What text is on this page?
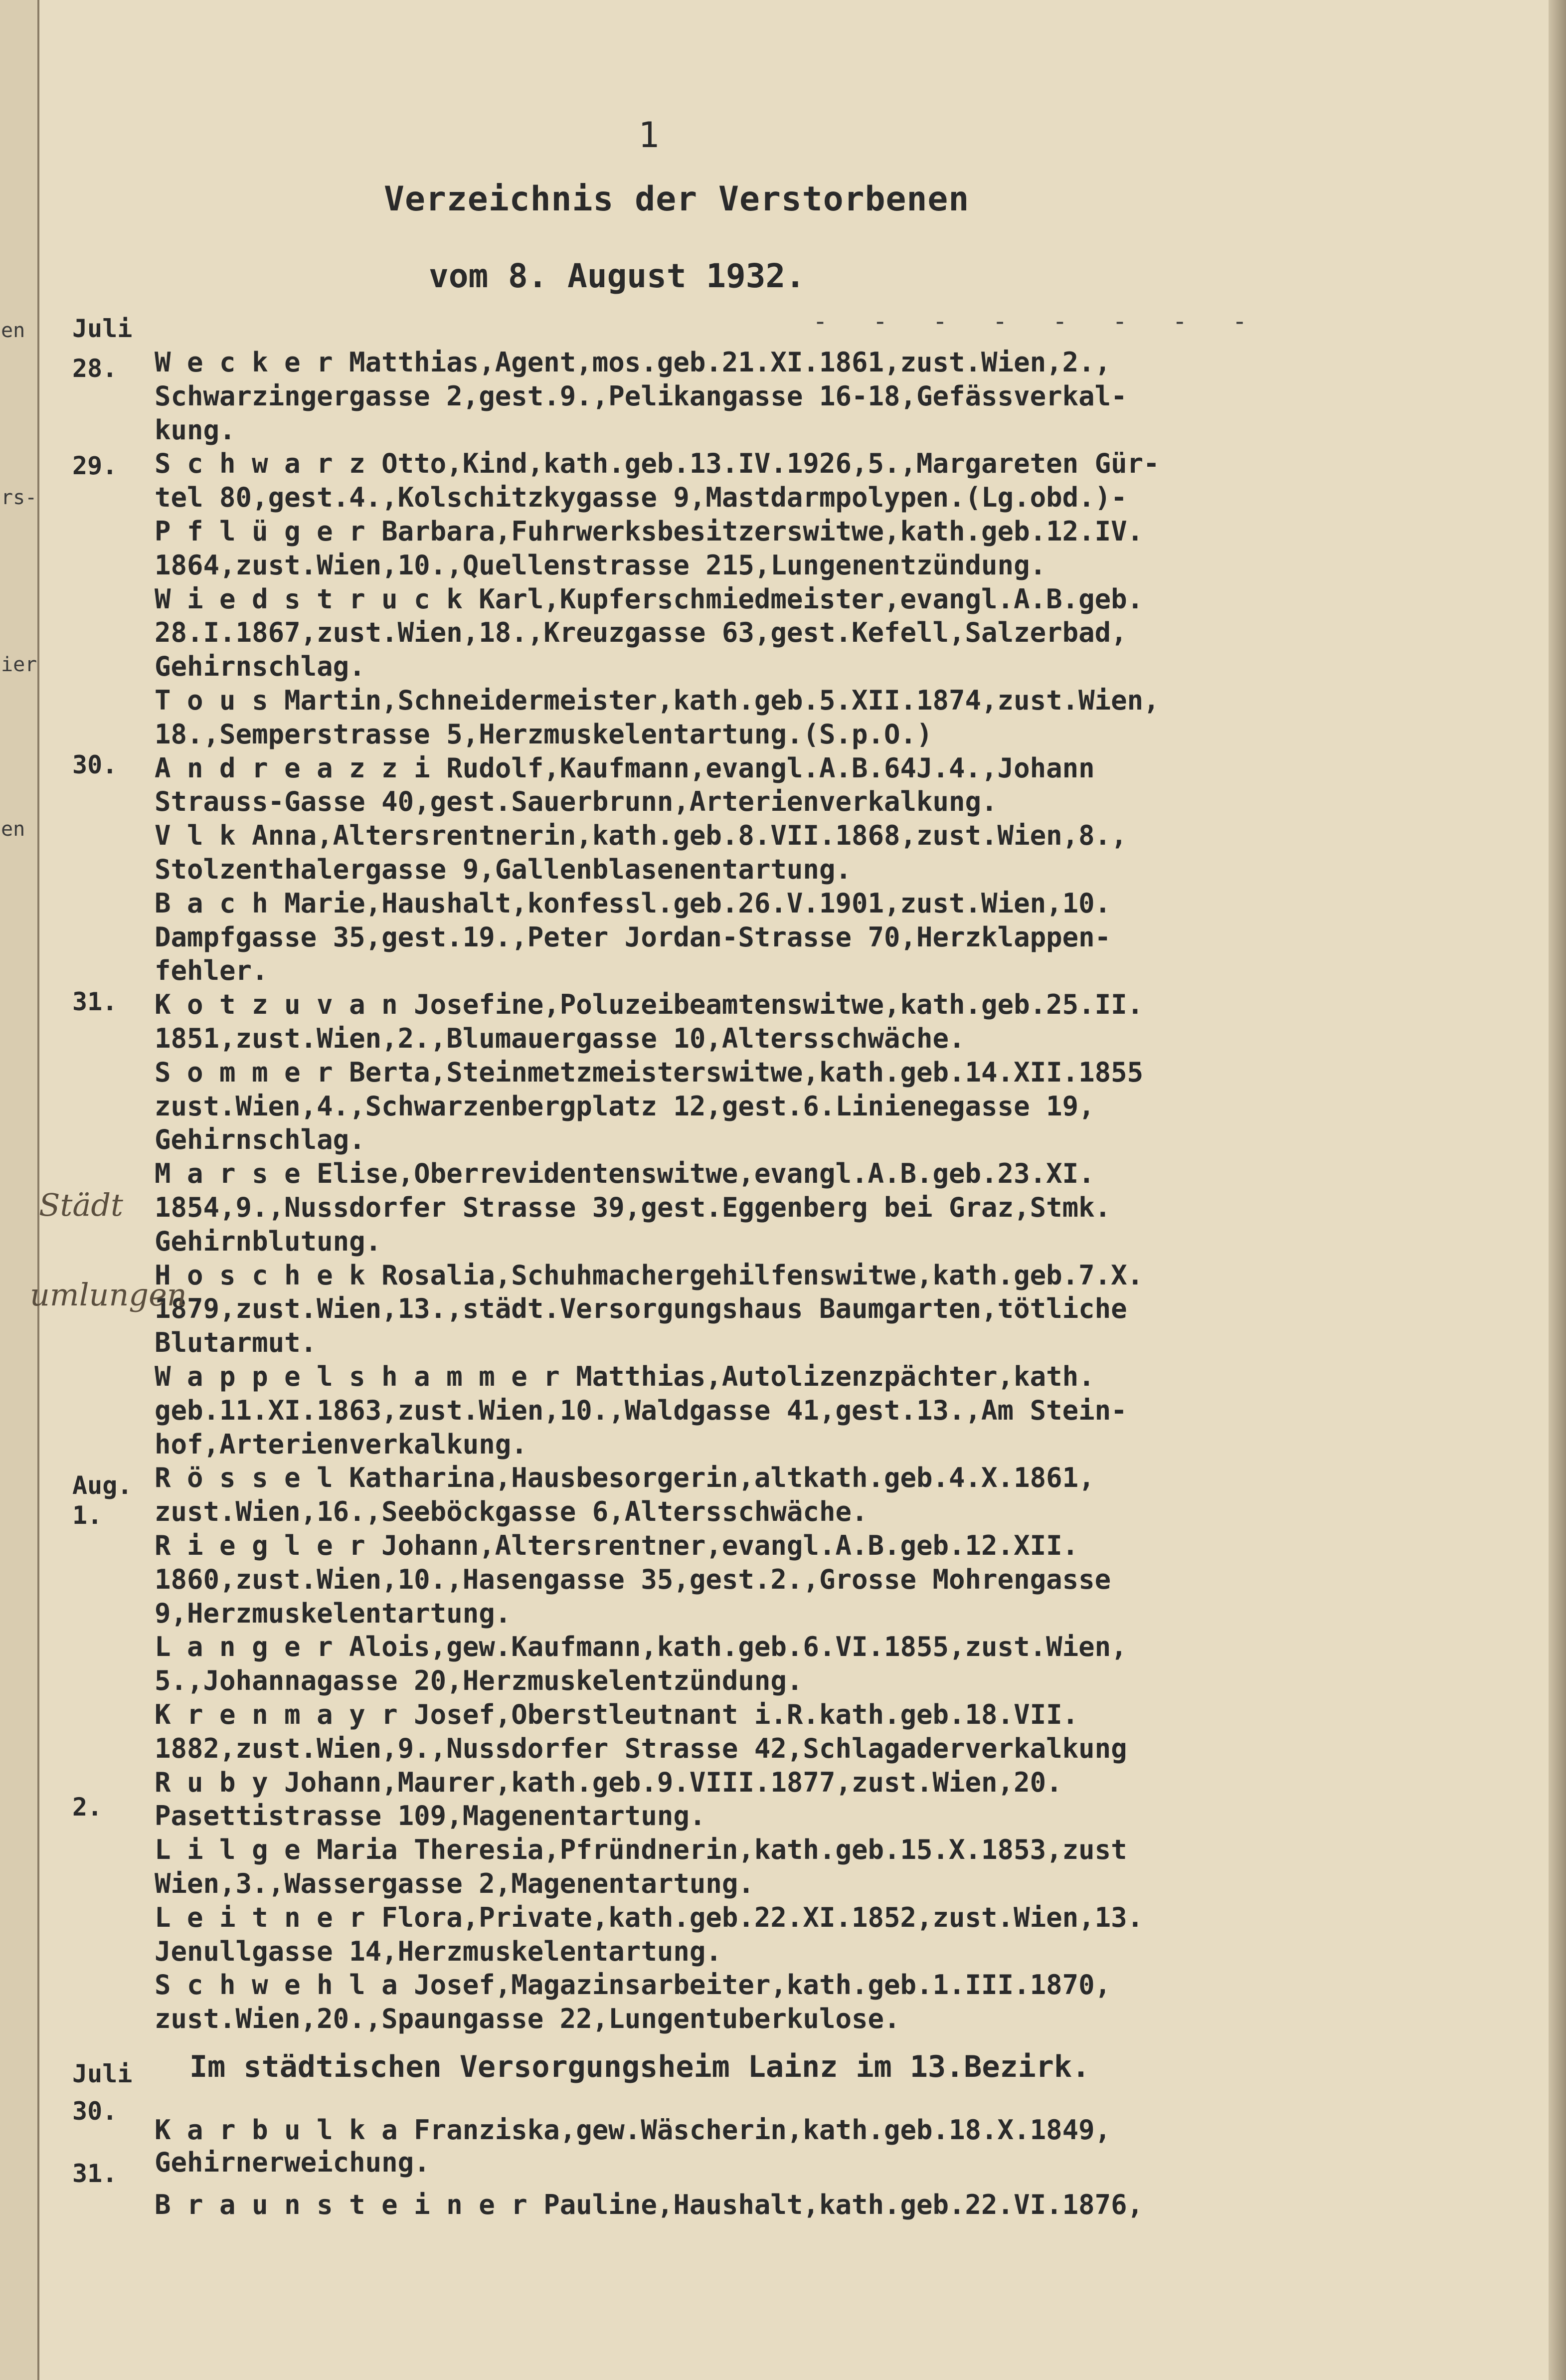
en
rs-
ier
en
1
Verzeichnis der Verstorbenen
vom 8. August 1932.
- - - - - - - -
Juli
28.
29.
30.
31.
Aug.
1.
2.
Juli
30.
31.
W e c k e r Matthias,Agent,mos.geb.21.XI.1861,zust.Wien,2.,
Schwarzingergasse 2,gest.9.,Pelikangasse 16-18,Gefässverkal-
kung.
S c h w a r z Otto,Kind,kath.geb.13.IV.1926,5.,Margareten Gür-
tel 80,gest.4.,Kolschitzkygasse 9,Mastdarmpolypen.(Lg.obd.)-
P f l ü g e r Barbara,Fuhrwerksbesitzerswitwe,kath.geb.12.IV.
1864,zust.Wien,10.,Quellenstrasse 215,Lungenentzündung.
W i e d s t r u c k Karl,Kupferschmiedmeister,evangl.A.B.geb.
28.I.1867,zust.Wien,18.,Kreuzgasse 63,gest.Kefell,Salzerbad,
Gehirnschlag.
T o u s Martin,Schneidermeister,kath.geb.5.XII.1874,zust.Wien,
18.,Semperstrasse 5,Herzmuskelentartung.(S.p.O.)
A n d r e a z z i Rudolf,Kaufmann,evangl.A.B.64J.4.,Johann
Strauss-Gasse 40,gest.Sauerbrunn,Arterienverkalkung.
V l k Anna,Altersrentnerin,kath.geb.8.VII.1868,zust.Wien,8.,
Stolzenthalergasse 9,Gallenblasenentartung.
B a c h Marie,Haushalt,konfessl.geb.26.V.1901,zust.Wien,10.
Dampfgasse 35,gest.19.,Peter Jordan-Strasse 70,Herzklappen-
fehler.
K o t z u v a n Josefine,Poluzeibeamtenswitwe,kath.geb.25.II.
1851,zust.Wien,2.,Blumauergasse 10,Altersschwäche.
S o m m e r Berta,Steinmetzmeisterswitwe,kath.geb.14.XII.1855
zust.Wien,4.,Schwarzenbergplatz 12,gest.6.Linienegasse 19,
Gehirnschlag.
M a r s e Elise,Oberrevidentenswitwe,evangl.A.B.geb.23.XI.
1854,9.,Nussdorfer Strasse 39,gest.Eggenberg bei Graz,Stmk.
Gehirnblutung.
H o s c h e k Rosalia,Schuhmachergehilfenswitwe,kath.geb.7.X.
1879,zust.Wien,13.,städt.Versorgungshaus Baumgarten,tötliche
Blutarmut.
W a p p e l s h a m m e r Matthias,Autolizenzpächter,kath.
geb.11.XI.1863,zust.Wien,10.,Waldgasse 41,gest.13.,Am Stein-
hof,Arterienverkalkung.
R ö s s e l Katharina,Hausbesorgerin,altkath.geb.4.X.1861,
zust.Wien,16.,Seeböckgasse 6,Altersschwäche.
R i e g l e r Johann,Altersrentner,evangl.A.B.geb.12.XII.
1860,zust.Wien,10.,Hasengasse 35,gest.2.,Grosse Mohrengasse
9,Herzmuskelentartung.
L a n g e r Alois,gew.Kaufmann,kath.geb.6.VI.1855,zust.Wien,
5.,Johannagasse 20,Herzmuskelentzündung.
K r e n m a y r Josef,Oberstleutnant i.R.kath.geb.18.VII.
1882,zust.Wien,9.,Nussdorfer Strasse 42,Schlagaderverkalkung
R u b y Johann,Maurer,kath.geb.9.VIII.1877,zust.Wien,20.
Pasettistrasse 109,Magenentartung.
L i l g e Maria Theresia,Pfründnerin,kath.geb.15.X.1853,zust
Wien,3.,Wassergasse 2,Magenentartung.
L e i t n e r Flora,Private,kath.geb.22.XI.1852,zust.Wien,13.
Jenullgasse 14,Herzmuskelentartung.
S c h w e h l a Josef,Magazinsarbeiter,kath.geb.1.III.1870,
zust.Wien,20.,Spaungasse 22,Lungentuberkulose.
Städt
umlungen
Im städtischen Versorgungsheim Lainz im 13.Bezirk.
K a r b u l k a Franziska,gew.Wäscherin,kath.geb.18.X.1849,
Gehirnerweichung.
B r a u n s t e i n e r Pauline,Haushalt,kath.geb.22.VI.1876,
